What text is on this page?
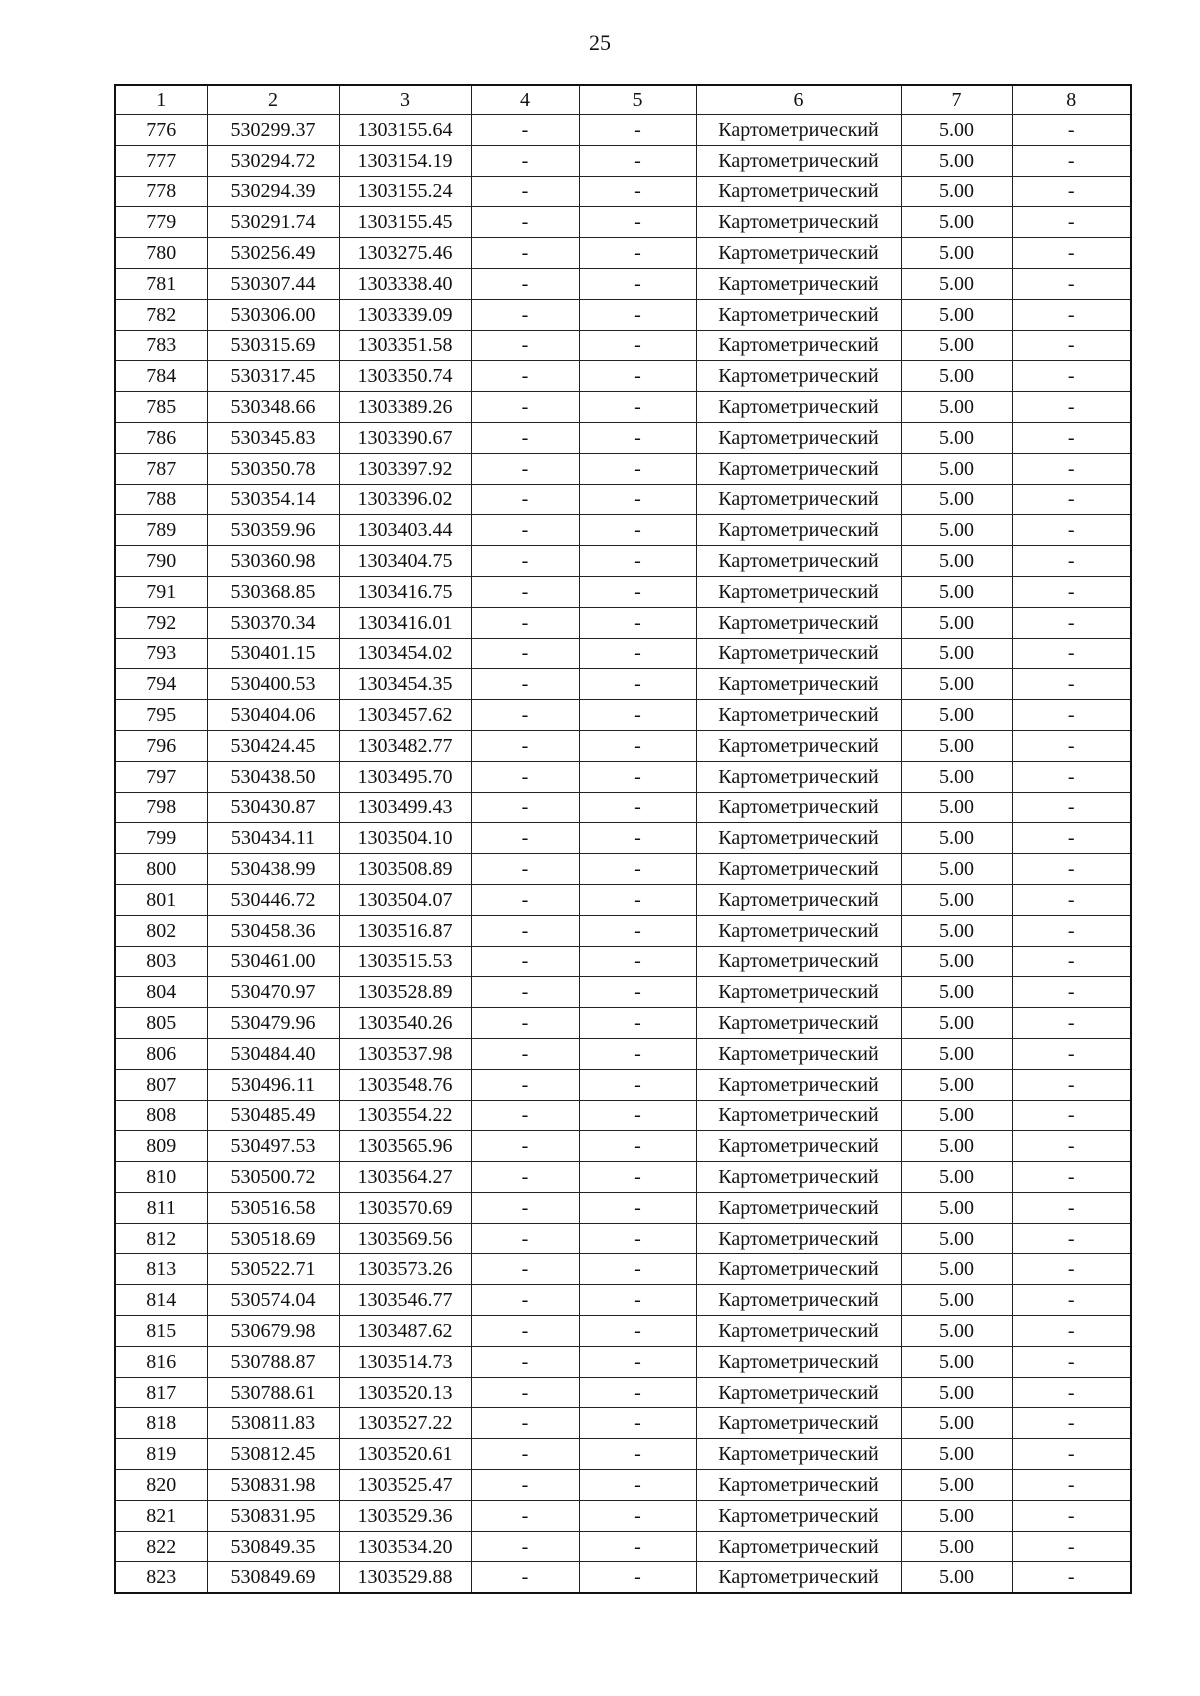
25
1	2	3	4	5	6	7	8
776	530299.37	1303155.64	-	-	Картометрический	5.00	-
777	530294.72	1303154.19	-	-	Картометрический	5.00	-
778	530294.39	1303155.24	-	-	Картометрический	5.00	-
779	530291.74	1303155.45	-	-	Картометрический	5.00	-
780	530256.49	1303275.46	-	-	Картометрический	5.00	-
781	530307.44	1303338.40	-	-	Картометрический	5.00	-
782	530306.00	1303339.09	-	-	Картометрический	5.00	-
783	530315.69	1303351.58	-	-	Картометрический	5.00	-
784	530317.45	1303350.74	-	-	Картометрический	5.00	-
785	530348.66	1303389.26	-	-	Картометрический	5.00	-
786	530345.83	1303390.67	-	-	Картометрический	5.00	-
787	530350.78	1303397.92	-	-	Картометрический	5.00	-
788	530354.14	1303396.02	-	-	Картометрический	5.00	-
789	530359.96	1303403.44	-	-	Картометрический	5.00	-
790	530360.98	1303404.75	-	-	Картометрический	5.00	-
791	530368.85	1303416.75	-	-	Картометрический	5.00	-
792	530370.34	1303416.01	-	-	Картометрический	5.00	-
793	530401.15	1303454.02	-	-	Картометрический	5.00	-
794	530400.53	1303454.35	-	-	Картометрический	5.00	-
795	530404.06	1303457.62	-	-	Картометрический	5.00	-
796	530424.45	1303482.77	-	-	Картометрический	5.00	-
797	530438.50	1303495.70	-	-	Картометрический	5.00	-
798	530430.87	1303499.43	-	-	Картометрический	5.00	-
799	530434.11	1303504.10	-	-	Картометрический	5.00	-
800	530438.99	1303508.89	-	-	Картометрический	5.00	-
801	530446.72	1303504.07	-	-	Картометрический	5.00	-
802	530458.36	1303516.87	-	-	Картометрический	5.00	-
803	530461.00	1303515.53	-	-	Картометрический	5.00	-
804	530470.97	1303528.89	-	-	Картометрический	5.00	-
805	530479.96	1303540.26	-	-	Картометрический	5.00	-
806	530484.40	1303537.98	-	-	Картометрический	5.00	-
807	530496.11	1303548.76	-	-	Картометрический	5.00	-
808	530485.49	1303554.22	-	-	Картометрический	5.00	-
809	530497.53	1303565.96	-	-	Картометрический	5.00	-
810	530500.72	1303564.27	-	-	Картометрический	5.00	-
811	530516.58	1303570.69	-	-	Картометрический	5.00	-
812	530518.69	1303569.56	-	-	Картометрический	5.00	-
813	530522.71	1303573.26	-	-	Картометрический	5.00	-
814	530574.04	1303546.77	-	-	Картометрический	5.00	-
815	530679.98	1303487.62	-	-	Картометрический	5.00	-
816	530788.87	1303514.73	-	-	Картометрический	5.00	-
817	530788.61	1303520.13	-	-	Картометрический	5.00	-
818	530811.83	1303527.22	-	-	Картометрический	5.00	-
819	530812.45	1303520.61	-	-	Картометрический	5.00	-
820	530831.98	1303525.47	-	-	Картометрический	5.00	-
821	530831.95	1303529.36	-	-	Картометрический	5.00	-
822	530849.35	1303534.20	-	-	Картометрический	5.00	-
823	530849.69	1303529.88	-	-	Картометрический	5.00	-
